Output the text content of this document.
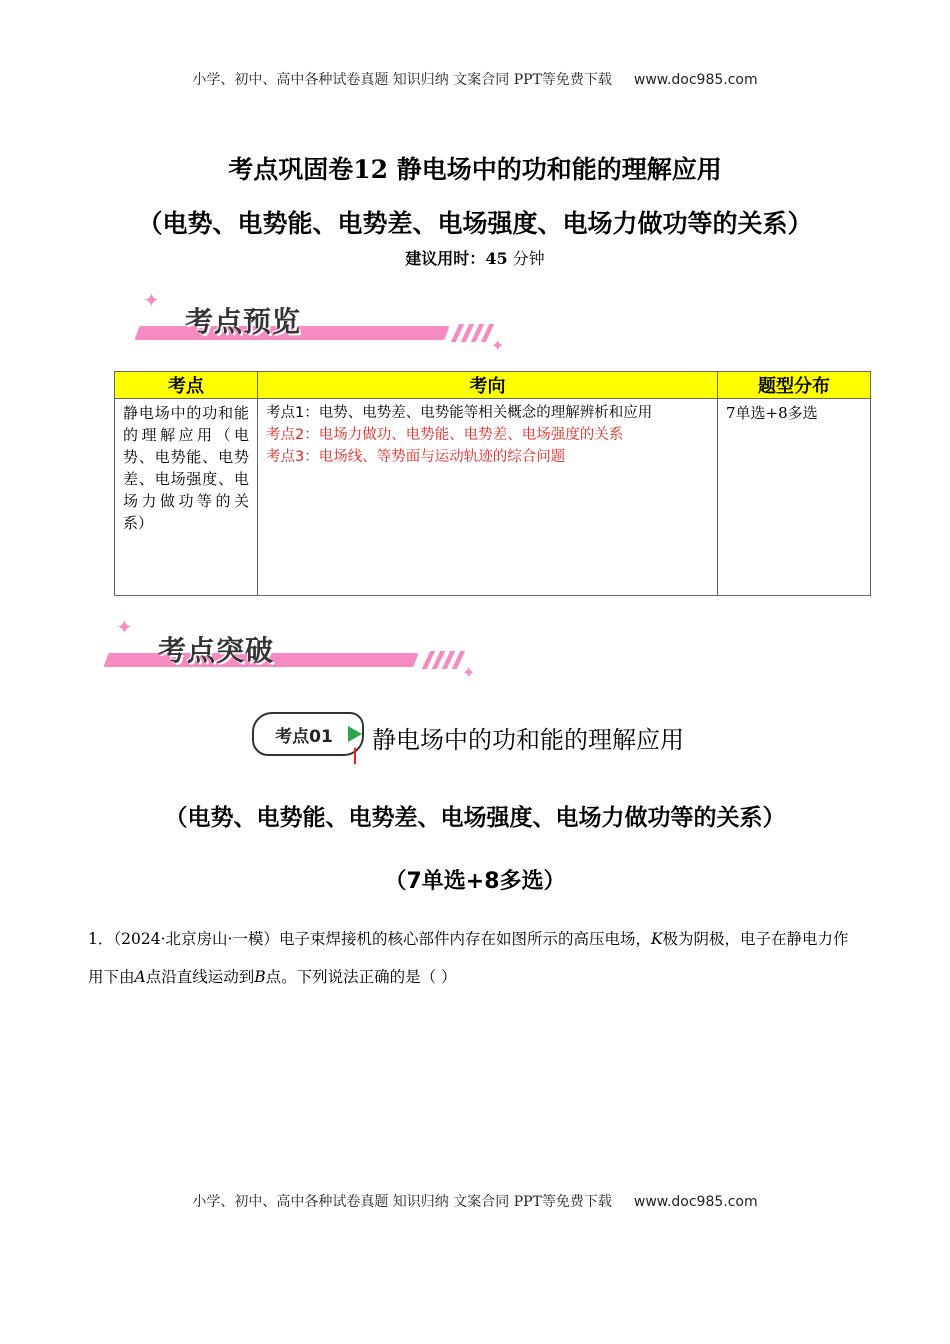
小学、初中、高中各种试卷真题 知识归纳 文案合同 PPT等免费下载 www.doc985.com
考点巩固卷12 静电场中的功和能的理解应用
（电势、电势能、电势差、电场强度、电场力做功等的关系）
建议用时：45 分钟
✦
✦
考点预览
考点	考向	题型分布
静电场中的功和能的理解应用（电势、电势能、电势差、电场强度、电场力做功等的关系）	考点1：电势、电势差、电势能等相关概念的理解辨析和应用
考点2：电场力做功、电势能、电势差、电场强度的关系
考点3：电场线、等势面与运动轨迹的综合问题	7单选+8多选
✦
✦
考点突破
考点01	静电场中的功和能的理解应用
（电势、电势能、电势差、电场强度、电场力做功等的关系）
（7单选+8多选）
1．（2024·北京房山·一模）电子束焊接机的核心部件内存在如图所示的高压电场，K极为阴极，电子在静电力作用下由A点沿直线运动到B点。下列说法正确的是（ ）
小学、初中、高中各种试卷真题 知识归纳 文案合同 PPT等免费下载 www.doc985.com
